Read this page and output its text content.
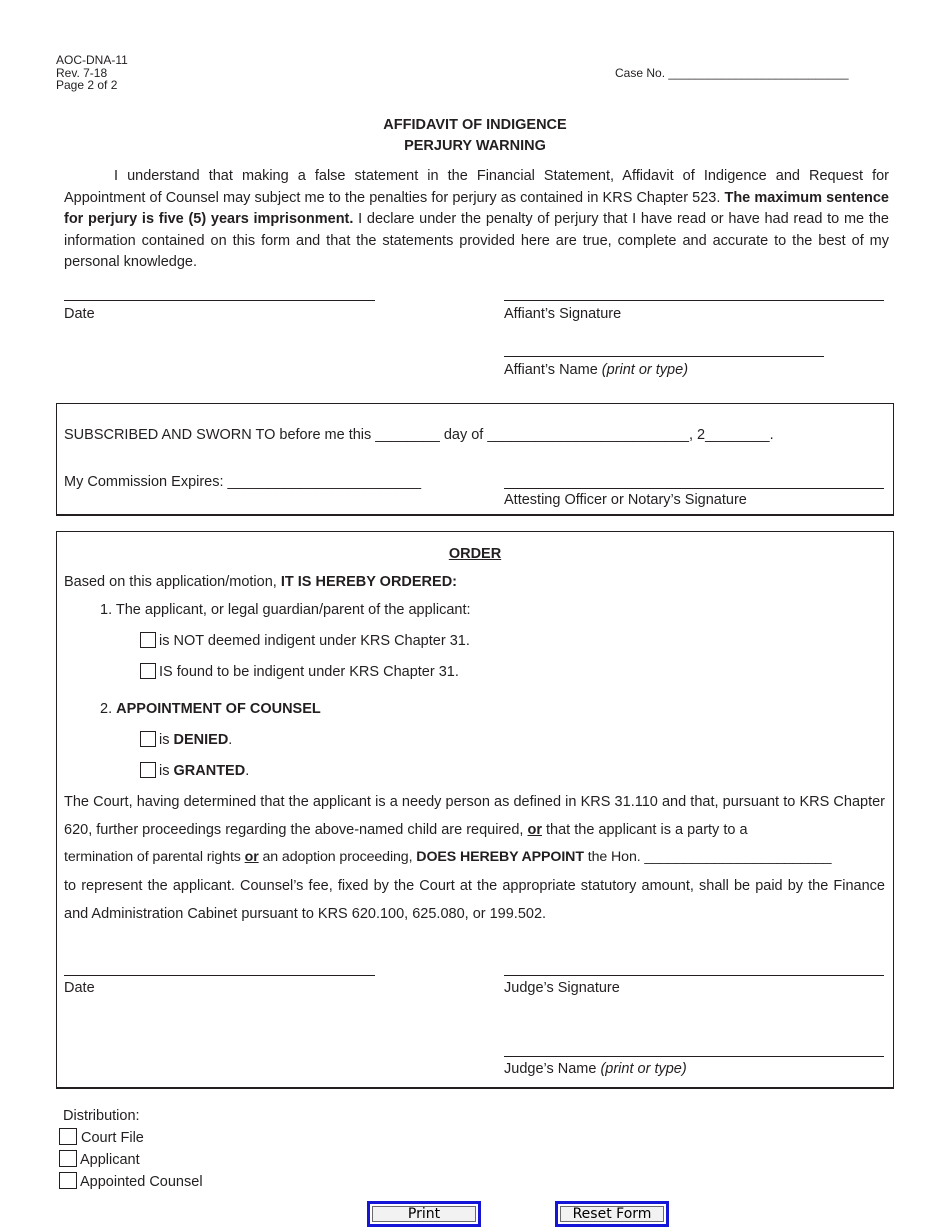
AOC-DNA-11
Rev. 7-18
Page 2 of 2
Case No. ___________________________
AFFIDAVIT OF INDIGENCE
PERJURY WARNING
I understand that making a false statement in the Financial Statement, Affidavit of Indigence and Request for Appointment of Counsel may subject me to the penalties for perjury as contained in KRS Chapter 523. The maximum sentence for perjury is five (5) years imprisonment. I declare under the penalty of perjury that I have read or have had read to me the information contained on this form and that the statements provided here are true, complete and accurate to the best of my personal knowledge.
Date	Affiant’s Signature
Affiant’s Name (print or type)
SUBSCRIBED AND SWORN TO before me this ________ day of _________________________, 2________.
My Commission Expires: ________________________
Attesting Officer or Notary’s Signature
ORDER
Based on this application/motion, IT IS HEREBY ORDERED:
1. The applicant, or legal guardian/parent of the applicant:
is NOT deemed indigent under KRS Chapter 31.
IS found to be indigent under KRS Chapter 31.
2. APPOINTMENT OF COUNSEL
is DENIED.
is GRANTED.
The Court, having determined that the applicant is a needy person as defined in KRS 31.110 and that, pursuant to KRS Chapter 620, further proceedings regarding the above-named child are required, or that the applicant is a party to a
termination of parental rights or an adoption proceeding, DOES HEREBY APPOINT the Hon. ________________________
to represent the applicant. Counsel’s fee, fixed by the Court at the appropriate statutory amount, shall be paid by the Finance and Administration Cabinet pursuant to KRS 620.100, 625.080, or 199.502.
Date	Judge’s Signature
Judge’s Name (print or type)
Distribution:
Court File
Applicant
Appointed Counsel
Print	Reset Form
